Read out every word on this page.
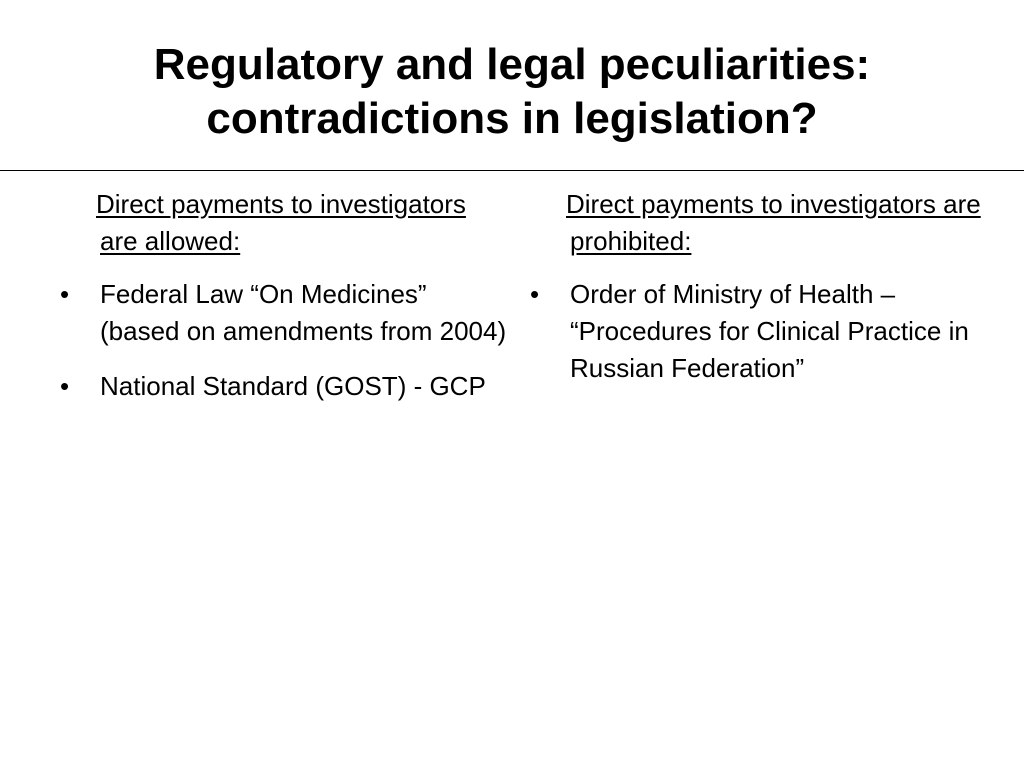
Regulatory and legal peculiarities:
contradictions in legislation?

Direct payments to investigators are allowed:

• Federal Law “On Medicines” (based on amendments from 2004)
• National Standard (GOST) - GCP

Direct payments to investigators are prohibited:

• Order of Ministry of Health – “Procedures for Clinical Practice in Russian Federation”
